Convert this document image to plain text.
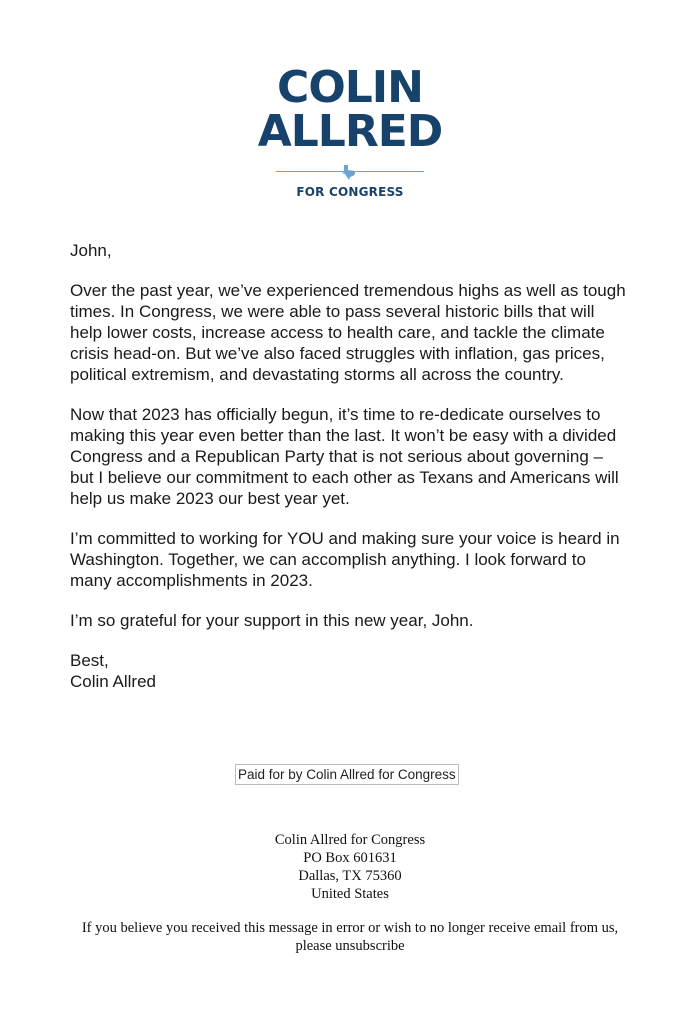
COLIN
ALLRED
FOR CONGRESS

John,

Over the past year, we’ve experienced tremendous highs as well as tough times. In Congress, we were able to pass several historic bills that will help lower costs, increase access to health care, and tackle the climate crisis head-on. But we’ve also faced struggles with inflation, gas prices, political extremism, and devastating storms all across the country.

Now that 2023 has officially begun, it’s time to re-dedicate ourselves to making this year even better than the last. It won’t be easy with a divided Congress and a Republican Party that is not serious about governing – but I believe our commitment to each other as Texans and Americans will help us make 2023 our best year yet.

I’m committed to working for YOU and making sure your voice is heard in Washington. Together, we can accomplish anything. I look forward to many accomplishments in 2023.

I’m so grateful for your support in this new year, John.

Best,
Colin Allred

Paid for by Colin Allred for Congress
Colin Allred for Congress
PO Box 601631
Dallas, TX 75360
United States
If you believe you received this message in error or wish to no longer receive email from us, please unsubscribe
